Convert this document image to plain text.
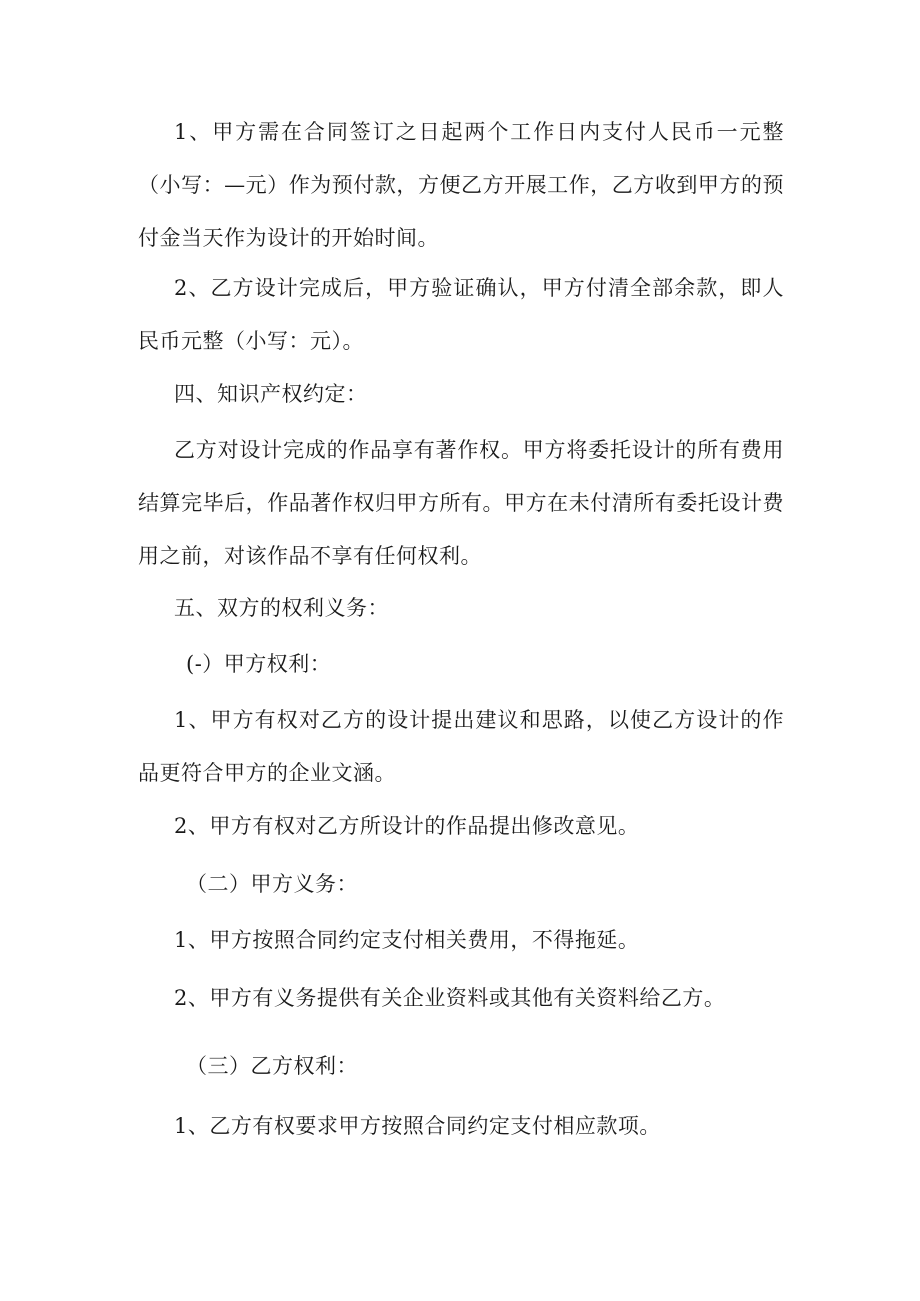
1、甲方需在合同签订之日起两个工作日内支付人民币一元整（小写：—元）作为预付款，方便乙方开展工作，乙方收到甲方的预付金当天作为设计的开始时间。

2、乙方设计完成后，甲方验证确认，甲方付清全部余款，即人民币元整（小写：元）。

四、知识产权约定：

乙方对设计完成的作品享有著作权。甲方将委托设计的所有费用结算完毕后，作品著作权归甲方所有。甲方在未付清所有委托设计费用之前，对该作品不享有任何权利。

五、双方的权利义务：

(-）甲方权利：

1、甲方有权对乙方的设计提出建议和思路，以使乙方设计的作品更符合甲方的企业文涵。

2、甲方有权对乙方所设计的作品提出修改意见。

（二）甲方义务：

1、甲方按照合同约定支付相关费用，不得拖延。

2、甲方有义务提供有关企业资料或其他有关资料给乙方。

（三）乙方权利：

1、乙方有权要求甲方按照合同约定支付相应款项。
